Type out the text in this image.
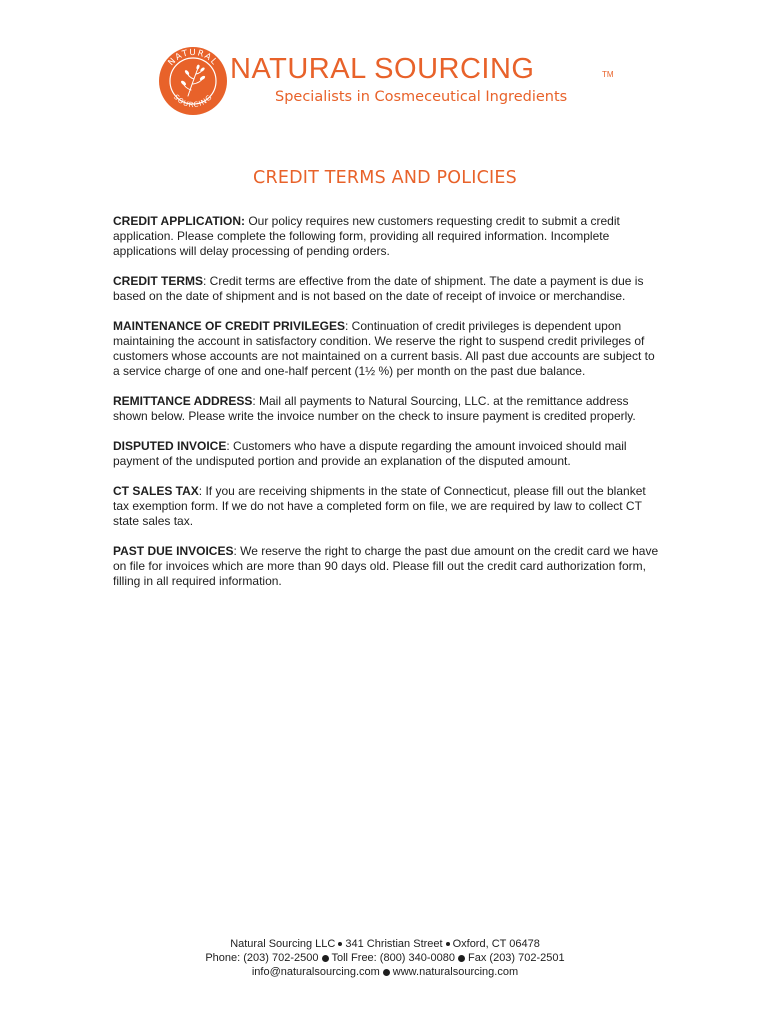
NATURAL
SOURCING
NATURAL SOURCING	TM
Specialists in Cosmeceutical Ingredients
CREDIT TERMS AND POLICIES

CREDIT APPLICATION: Our policy requires new customers requesting credit to submit a credit application. Please complete the following form, providing all required information. Incomplete applications will delay processing of pending orders.

CREDIT TERMS: Credit terms are effective from the date of shipment. The date a payment is due is based on the date of shipment and is not based on the date of receipt of invoice or merchandise.

MAINTENANCE OF CREDIT PRIVILEGES: Continuation of credit privileges is dependent upon maintaining the account in satisfactory condition. We reserve the right to suspend credit privileges of customers whose accounts are not maintained on a current basis. All past due accounts are subject to a service charge of one and one-half percent (1½ %) per month on the past due balance.

REMITTANCE ADDRESS: Mail all payments to Natural Sourcing, LLC. at the remittance address shown below. Please write the invoice number on the check to insure payment is credited properly.

DISPUTED INVOICE: Customers who have a dispute regarding the amount invoiced should mail payment of the undisputed portion and provide an explanation of the disputed amount.

CT SALES TAX: If you are receiving shipments in the state of Connecticut, please fill out the blanket tax exemption form. If we do not have a completed form on file, we are required by law to collect CT state sales tax.

PAST DUE INVOICES: We reserve the right to charge the past due amount on the credit card we have on file for invoices which are more than 90 days old. Please fill out the credit card authorization form, filling in all required information.

Natural Sourcing LLC 341 Christian Street Oxford, CT 06478
Phone: (203) 702-2500 Toll Free: (800) 340-0080 Fax (203) 702-2501
info@naturalsourcing.com www.naturalsourcing.com
